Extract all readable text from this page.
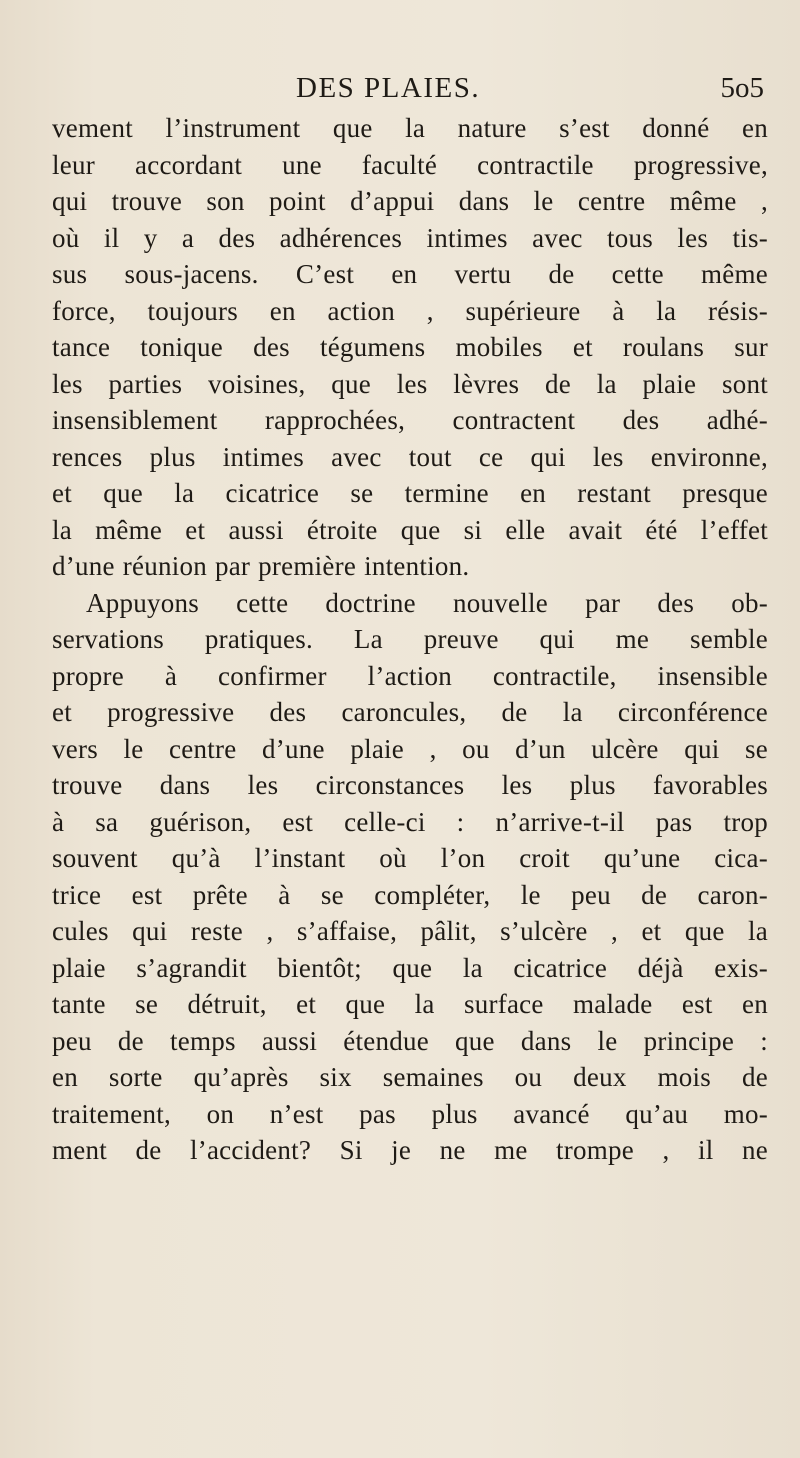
DES PLAIES.	5o5
vement l’instrument que la nature s’est donné en
leur accordant une faculté contractile progressive,
qui trouve son point d’appui dans le centre même ,
où il y a des adhérences intimes avec tous les tis-
sus sous-jacens. C’est en vertu de cette même
force, toujours en action , supérieure à la résis-
tance tonique des tégumens mobiles et roulans sur
les parties voisines, que les lèvres de la plaie sont
insensiblement rapprochées, contractent des adhé-
rences plus intimes avec tout ce qui les environne,
et que la cicatrice se termine en restant presque
la même et aussi étroite que si elle avait été l’effet
d’une réunion par première intention.
Appuyons cette doctrine nouvelle par des ob-
servations pratiques. La preuve qui me semble
propre à confirmer l’action contractile, insensible
et progressive des caroncules, de la circonférence
vers le centre d’une plaie , ou d’un ulcère qui se
trouve dans les circonstances les plus favorables
à sa guérison, est celle-ci : n’arrive-t-il pas trop
souvent qu’à l’instant où l’on croit qu’une cica-
trice est prête à se compléter, le peu de caron-
cules qui reste , s’affaise, pâlit, s’ulcère , et que la
plaie s’agrandit bientôt; que la cicatrice déjà exis-
tante se détruit, et que la surface malade est en
peu de temps aussi étendue que dans le principe :
en sorte qu’après six semaines ou deux mois de
traitement, on n’est pas plus avancé qu’au mo-
ment de l’accident? Si je ne me trompe , il ne
